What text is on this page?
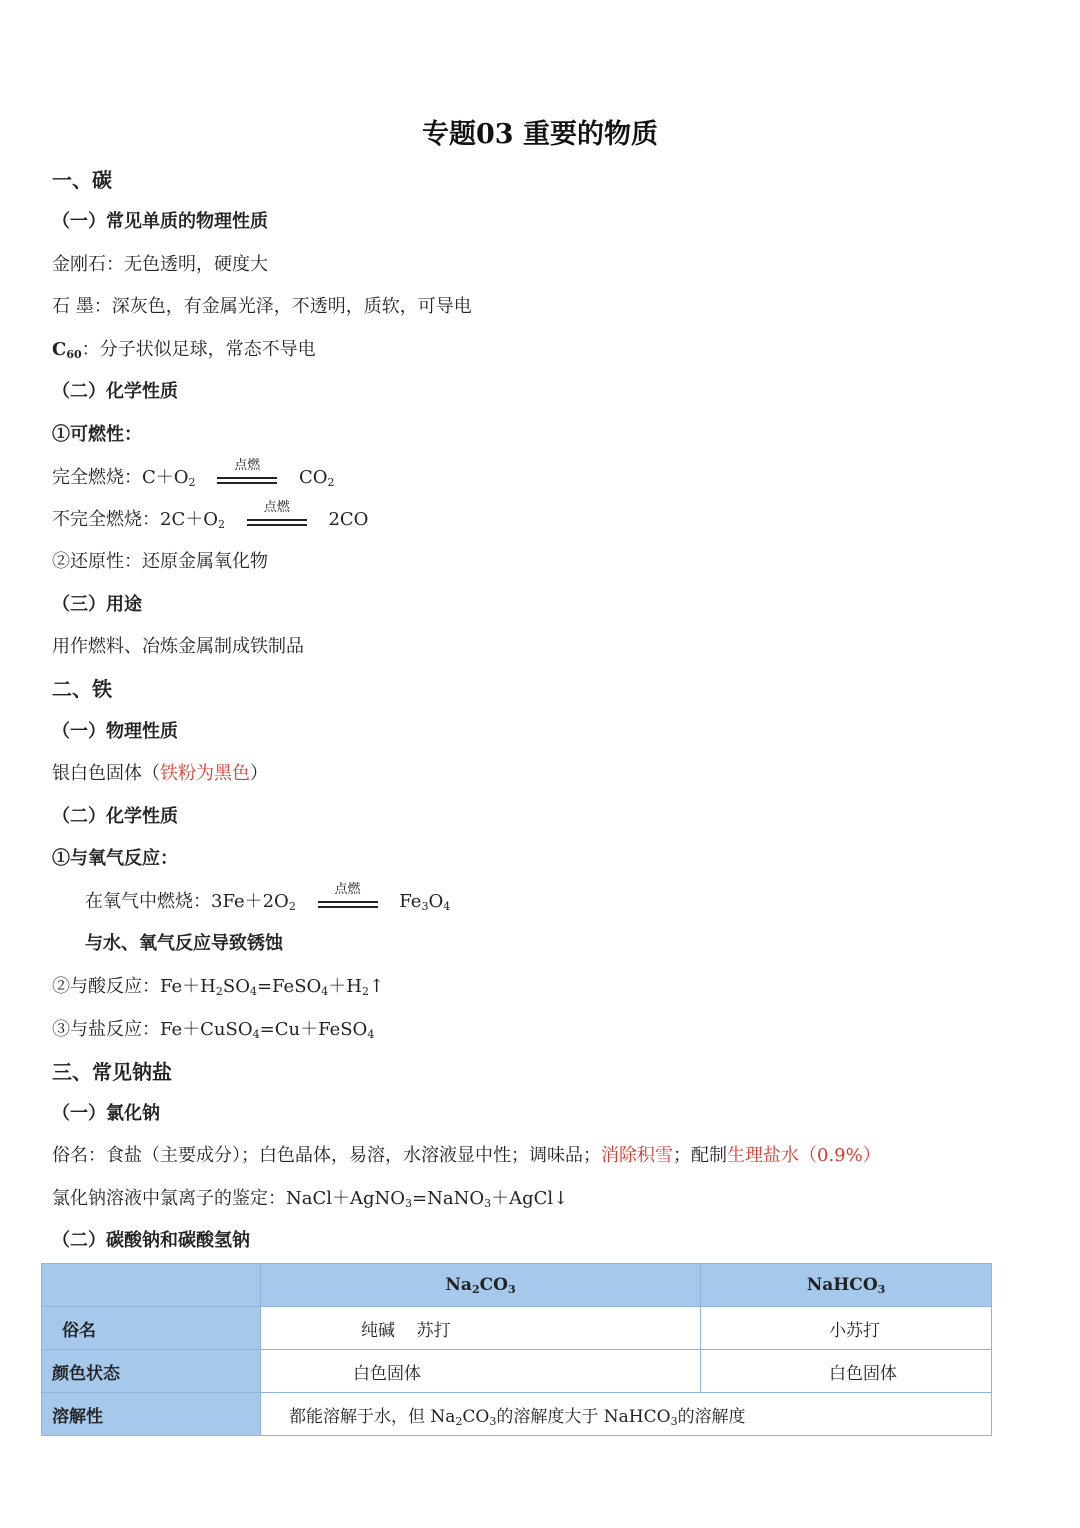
专题03 重要的物质
一、碳
（一）常见单质的物理性质
金刚石：无色透明，硬度大
石 墨：深灰色，有金属光泽，不透明，质软，可导电
$C_{60}$：分子状似足球，常态不导电
（二）化学性质
①可燃性：
完全燃烧：$C+O_2$
点燃
$CO_2$
不完全燃烧：$2C+O_2$
点燃
2CO
②还原性：还原金属氧化物
（三）用途
用作燃料、冶炼金属制成铁制品
二、铁
（一）物理性质
银白色固体（铁粉为黑色）
（二）化学性质
①与氧气反应：
在氧气中燃烧：$3Fe+2O_2$
点燃
$Fe_3O_4$
与水、氧气反应导致锈蚀
②与酸反应：$Fe+H_2SO_4=FeSO_4+H_2↑$
③与盐反应：Fe＋CuSO$_4$=Cu＋FeSO$_4$
三、常见钠盐
（一）氯化钠
俗名：食盐（主要成分）；白色晶体，易溶，水溶液显中性；调味品；消除积雪；配制生理盐水（0.9%）
氯化钠溶液中氯离子的鉴定：NaCl＋AgNO$_3$=NaNO$_3$＋AgCl↓
（二）碳酸钠和碳酸氢钠
	$Na_2CO_3$	NaHCO$_3$
俗名	纯碱    苏打	小苏打
颜色状态	白色固体	白色固体
溶解性	都能溶解于水，但 $Na_2CO_3$的溶解度大于 NaHCO$_3$的溶解度	
